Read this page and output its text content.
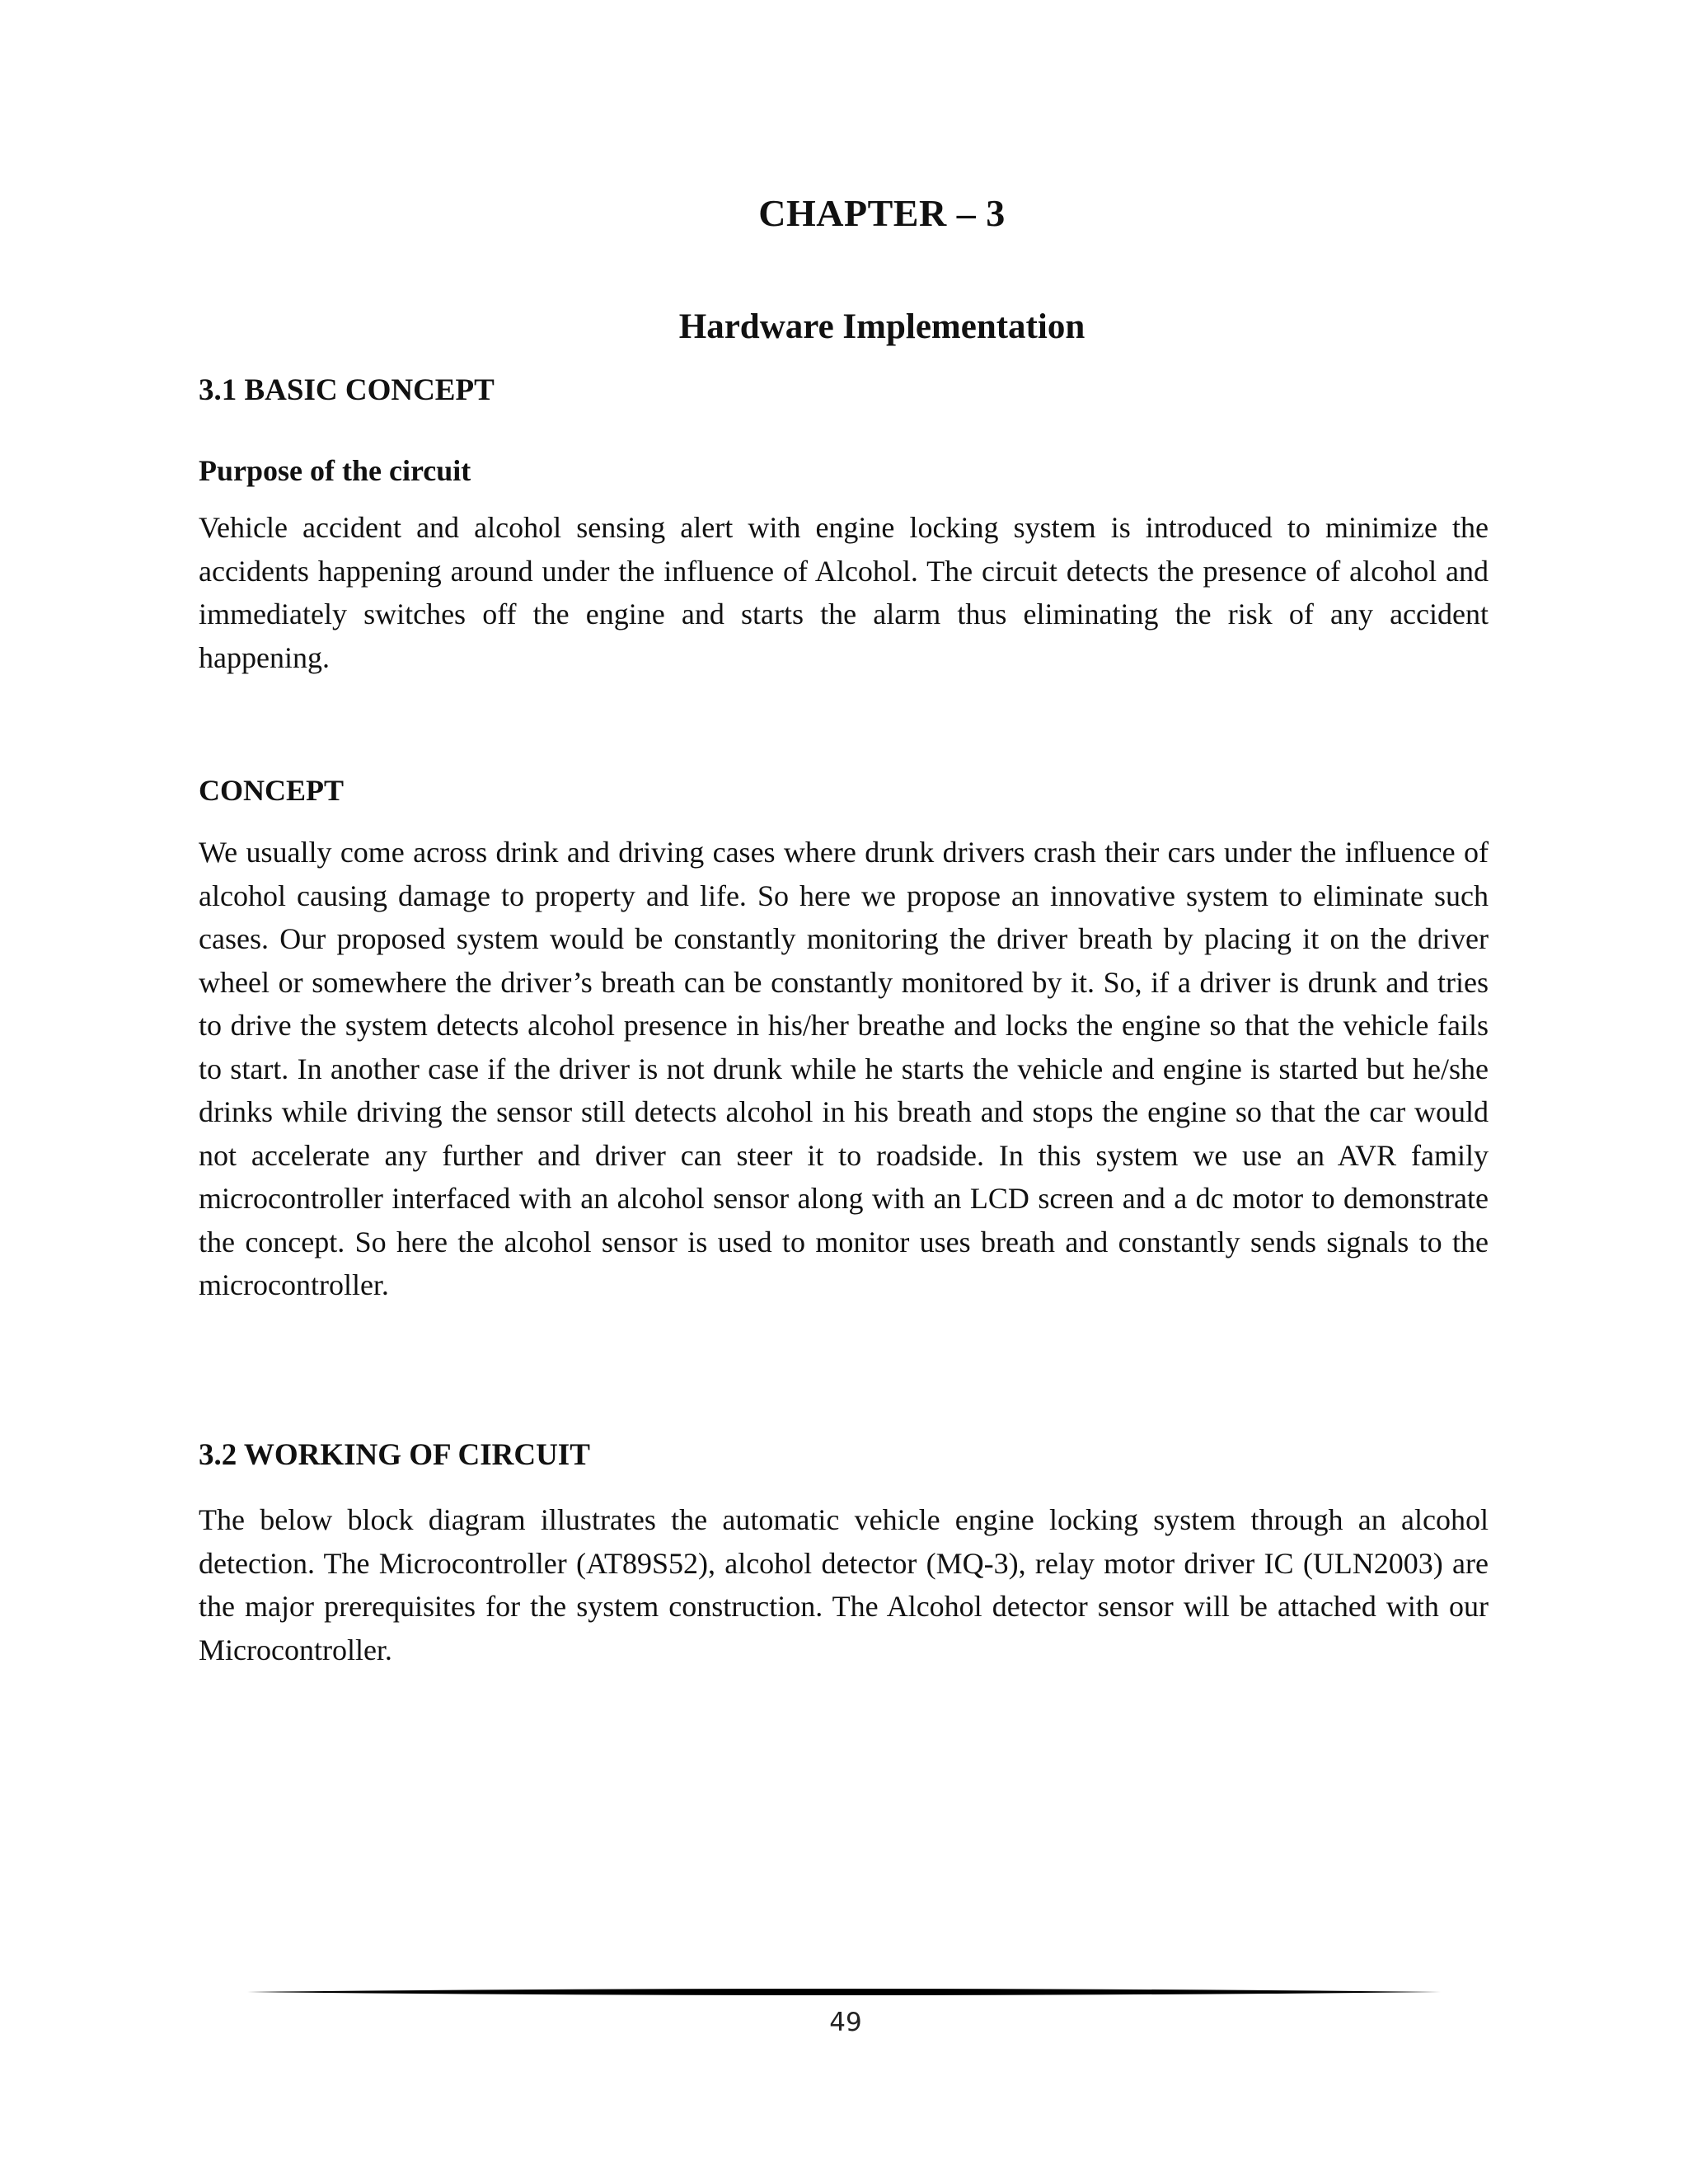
CHAPTER – 3
Hardware Implementation
3.1 BASIC CONCEPT
Purpose of the circuit
Vehicle accident and alcohol sensing alert with engine locking system is introduced to minimize the accidents happening around under the influence of Alcohol. The circuit detects the presence of alcohol and immediately switches off the engine and starts the alarm thus eliminating the risk of any accident happening.
CONCEPT
We usually come across drink and driving cases where drunk drivers crash their cars under the influence of alcohol causing damage to property and life. So here we propose an innovative system to eliminate such cases. Our proposed system would be constantly monitoring the driver breath by placing it on the driver wheel or somewhere the driver’s breath can be constantly monitored by it. So, if a driver is drunk and tries to drive the system detects alcohol presence in his/her breathe and locks the engine so that the vehicle fails to start. In another case if the driver is not drunk while he starts the vehicle and engine is started but he/she drinks while driving the sensor still detects alcohol in his breath and stops the engine so that the car would not accelerate any further and driver can steer it to roadside. In this system we use an AVR family microcontroller interfaced with an alcohol sensor along with an LCD screen and a dc motor to demonstrate the concept. So here the alcohol sensor is used to monitor uses breath and constantly sends signals to the microcontroller.
3.2 WORKING OF CIRCUIT
The below block diagram illustrates the automatic vehicle engine locking system through an alcohol detection. The Microcontroller (AT89S52), alcohol detector (MQ-3), relay motor driver IC (ULN2003) are the major prerequisites for the system construction. The Alcohol detector sensor will be attached with our Microcontroller.
49
